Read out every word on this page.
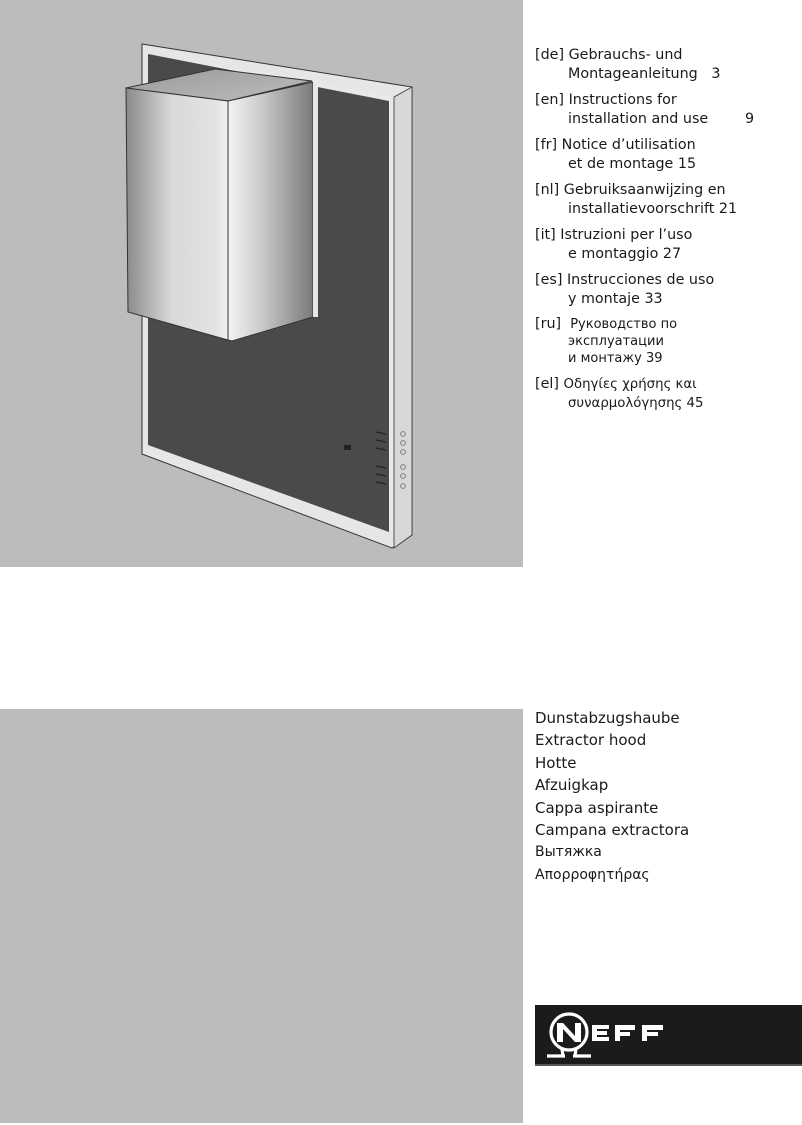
[de] Gebrauchs- und
Montageanleitung 3
[en] Instructions for
installation and use	9
[fr] Notice d’utilisation
et de montage 15
[nl] Gebruiksaanwijzing en
installatievoorschrift 21
[it] Istruzioni per l’uso
e montaggio 27
[es] Instrucciones de uso
y montaje 33
[ru] Руководство по
эксплуатации
и монтажу 39
[el] Οδηγίες χρήσης και
συναρμολόγησης 45
Dunstabzugshaube
Extractor hood
Hotte
Afzuigkap
Cappa aspirante
Campana extractora
Вытяжка
Απορροφητήρας
